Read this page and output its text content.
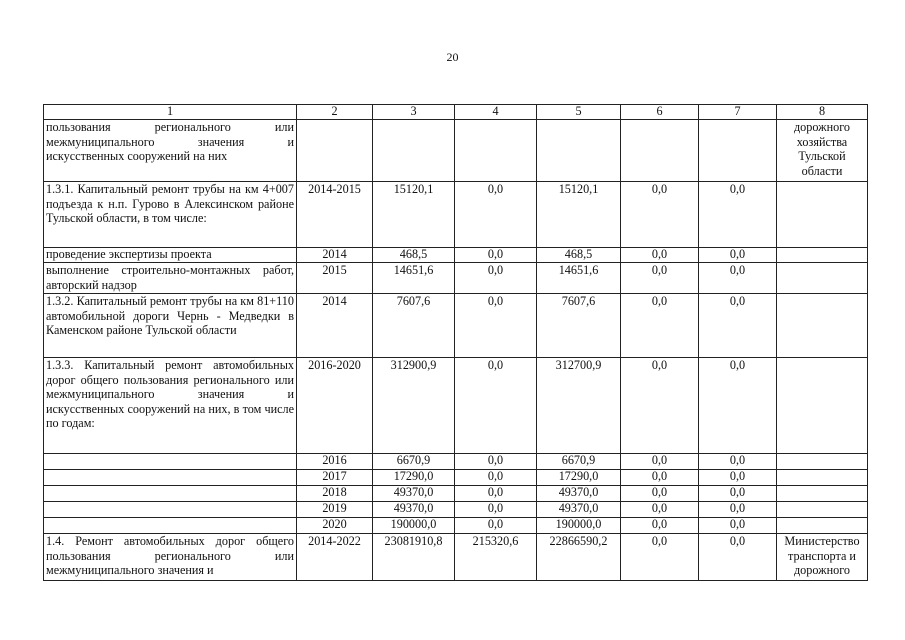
20
1	2	3	4	5	6	7	8
пользования регионального или межмуниципального значения и искусственных сооружений на них							дорожного хозяйства Тульской области
1.3.1. Капитальный ремонт трубы на км 4+007 подъезда к н.п. Гурово в Алексинском районе Тульской области, в том числе:	2014-2015	15120,1	0,0	15120,1	0,0	0,0	
проведение экспертизы проекта	2014	468,5	0,0	468,5	0,0	0,0	
выполнение строительно-монтажных работ, авторский надзор	2015	14651,6	0,0	14651,6	0,0	0,0	
1.3.2. Капитальный ремонт трубы на км 81+110 автомобильной дороги Чернь - Медведки в Каменском районе Тульской области	2014	7607,6	0,0	7607,6	0,0	0,0	
1.3.3. Капитальный ремонт автомобильных дорог общего пользования регионального или межмуниципального значения и искусственных сооружений на них, в том числе по годам:	2016-2020	312900,9	0,0	312700,9	0,0	0,0	
	2016	6670,9	0,0	6670,9	0,0	0,0	
	2017	17290,0	0,0	17290,0	0,0	0,0	
	2018	49370,0	0,0	49370,0	0,0	0,0	
	2019	49370,0	0,0	49370,0	0,0	0,0	
	2020	190000,0	0,0	190000,0	0,0	0,0	
1.4. Ремонт автомобильных дорог общего пользования регионального или межмуниципального значения и	2014-2022	23081910,8	215320,6	22866590,2	0,0	0,0	Министерство транспорта и дорожного
